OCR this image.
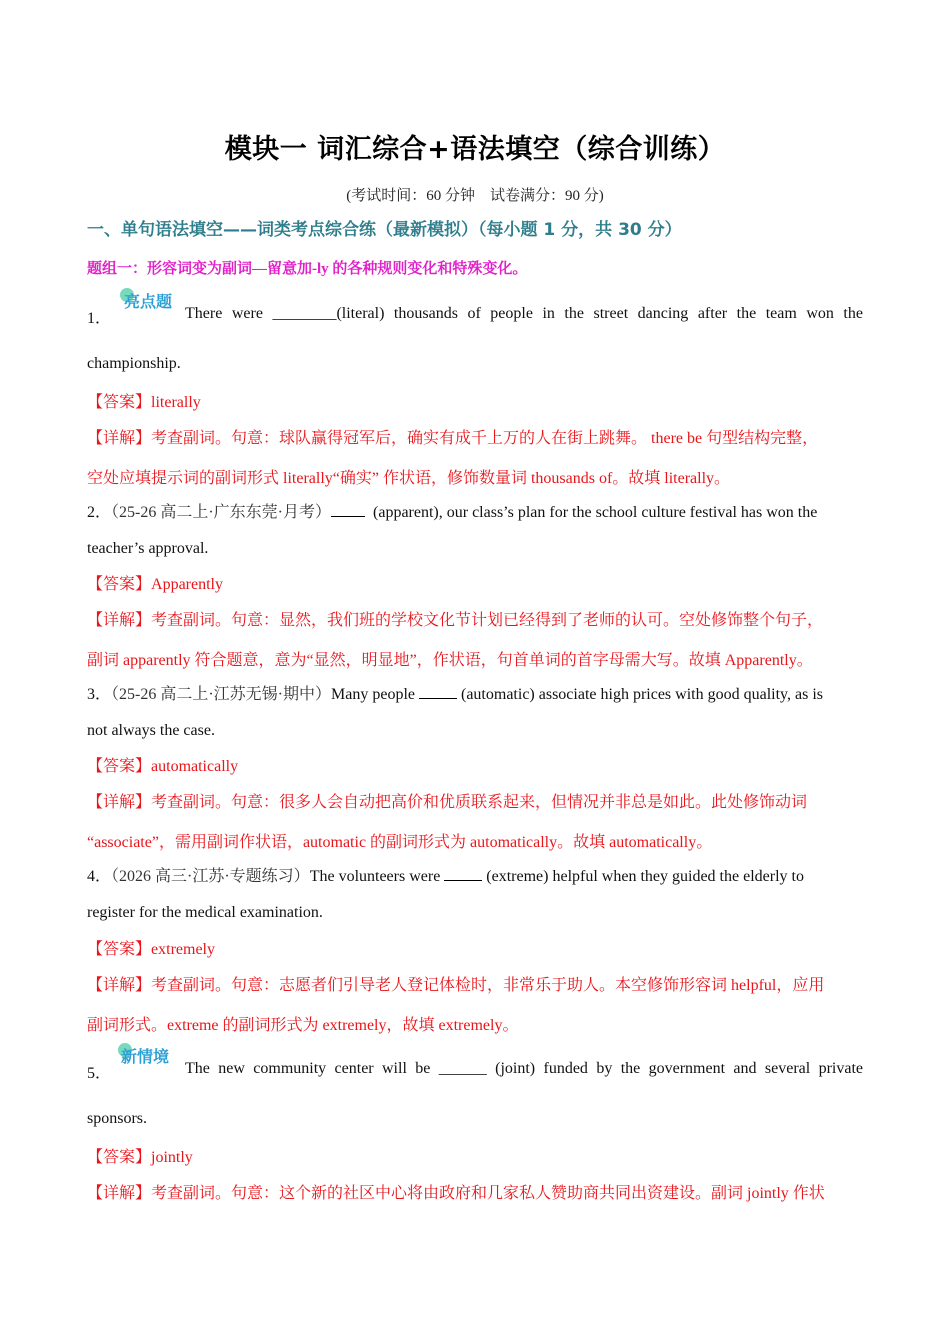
模块一 词汇综合+语法填空（综合训练）
(考试时间：60 分钟　试卷满分：90 分)
一、单句语法填空——词类考点综合练（最新模拟）（每小题 1 分，共 30 分）
题组一：形容词变为副词—留意加-ly 的各种规则变化和特殊变化。
1．
亮点题
There were ________(literal) thousands of people in the street dancing after the team won the
championship.
【答案】literally
【详解】考查副词。句意：球队赢得冠军后，确实有成千上万的人在街上跳舞。 there be 句型结构完整，
空处应填提示词的副词形式 literally“确实” 作状语，修饰数量词 thousands of。故填 literally。
2．（25-26 高二上·广东东莞·月考）	(apparent), our class’s plan for the school culture festival has won the
teacher’s approval.
【答案】Apparently
【详解】考查副词。句意：显然，我们班的学校文化节计划已经得到了老师的认可。空处修饰整个句子，
副词 apparently 符合题意，意为“显然，明显地”，作状语，句首单词的首字母需大写。故填 Apparently。
3．（25-26 高二上·江苏无锡·期中）Many people	(automatic) associate high prices with good quality, as is
not always the case.
【答案】automatically
【详解】考查副词。句意：很多人会自动把高价和优质联系起来，但情况并非总是如此。此处修饰动词
“associate”，需用副词作状语，automatic 的副词形式为 automatically。故填 automatically。
4．（2026 高三·江苏·专题练习）The volunteers were	(extreme) helpful when they guided the elderly to
register for the medical examination.
【答案】extremely
【详解】考查副词。句意：志愿者们引导老人登记体检时，非常乐于助人。本空修饰形容词 helpful，应用
副词形式。extreme 的副词形式为 extremely，故填 extremely。
5．
新情境
The new community center will be ______ (joint) funded by the government and several private
sponsors.
【答案】jointly
【详解】考查副词。句意：这个新的社区中心将由政府和几家私人赞助商共同出资建设。副词 jointly 作状
